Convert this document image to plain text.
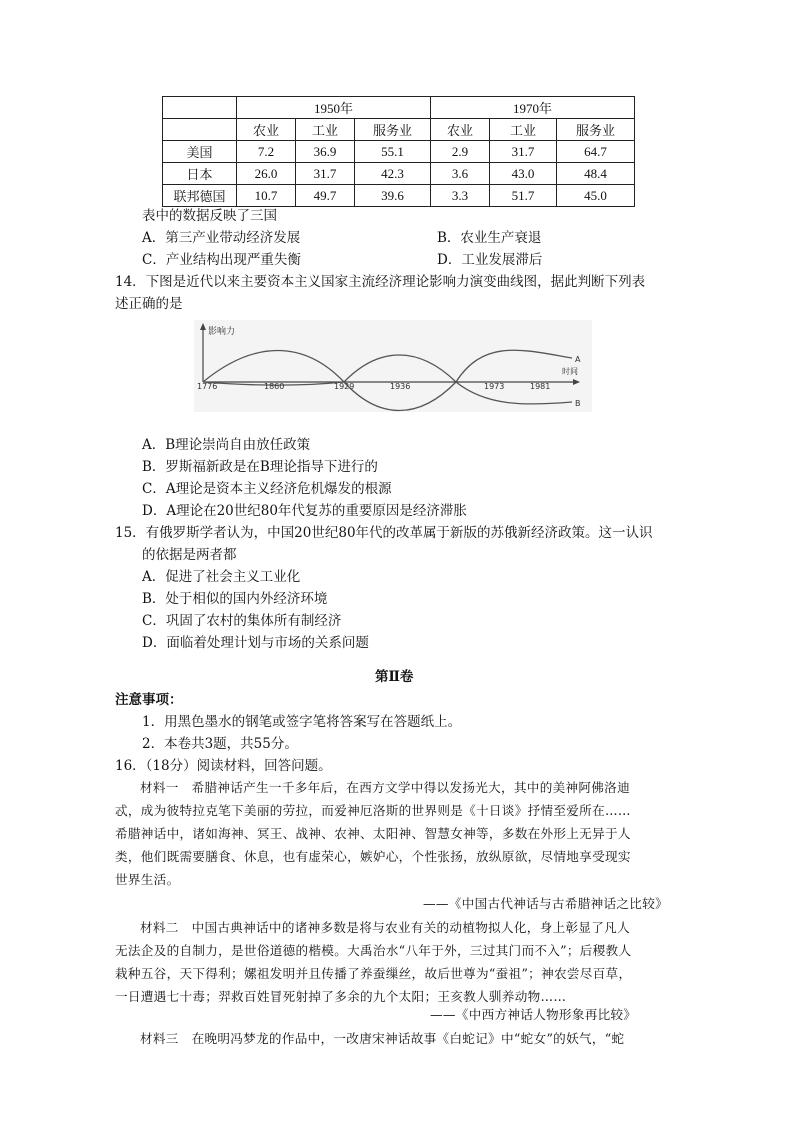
	1950年			1970年		
	农业	工业	服务业	农业	工业	服务业
美国	7.2	36.9	55.1	2.9	31.7	64.7
日本	26.0	31.7	42.3	3.6	43.0	48.4
联邦德国	10.7	49.7	39.6	3.3	51.7	45.0
表中的数据反映了三国
A．第三产业带动经济发展	B．农业生产衰退
C．产业结构出现严重失衡	D．工业发展滞后
14．下图是近代以来主要资本主义国家主流经济理论影响力演变曲线图，据此判断下列表
述正确的是
影响力
时间
A
B
1776	1860	1929	1936	1973	1981
A．B理论崇尚自由放任政策
B．罗斯福新政是在B理论指导下进行的
C．A理论是资本主义经济危机爆发的根源
D．A理论在20世纪80年代复苏的重要原因是经济滞胀
15．有俄罗斯学者认为，中国20世纪80年代的改革属于新版的苏俄新经济政策。这一认识
的依据是两者都
A．促进了社会主义工业化
B．处于相似的国内外经济环境
C．巩固了农村的集体所有制经济
D．面临着处理计划与市场的关系问题
第Ⅱ卷
注意事项：
1．用黑色墨水的钢笔或签字笔将答案写在答题纸上。
2．本卷共3题，共55分。
16．（18分）阅读材料，回答问题。
材料一　希腊神话产生一千多年后，在西方文学中得以发扬光大，其中的美神阿佛洛迪
忒，成为彼特拉克笔下美丽的劳拉，而爱神厄洛斯的世界则是《十日谈》抒情至爱所在……
希腊神话中，诸如海神、冥王、战神、农神、太阳神、智慧女神等，多数在外形上无异于人
类，他们既需要膳食、休息，也有虚荣心，嫉妒心，个性张扬，放纵原欲，尽情地享受现实
世界生活。
——《中国古代神话与古希腊神话之比较》
材料二　中国古典神话中的诸神多数是将与农业有关的动植物拟人化，身上彰显了凡人
无法企及的自制力，是世俗道德的楷模。大禹治水“八年于外，三过其门而不入”；后稷教人
栽种五谷，天下得利；嫘祖发明并且传播了养蚕缫丝，故后世尊为“蚕祖”；神农尝尽百草，
一日遭遇七十毒；羿救百姓冒死射掉了多余的九个太阳；王亥教人驯养动物……
——《中西方神话人物形象再比较》
材料三　在晚明冯梦龙的作品中，一改唐宋神话故事《白蛇记》中“蛇女”的妖气，“蛇
